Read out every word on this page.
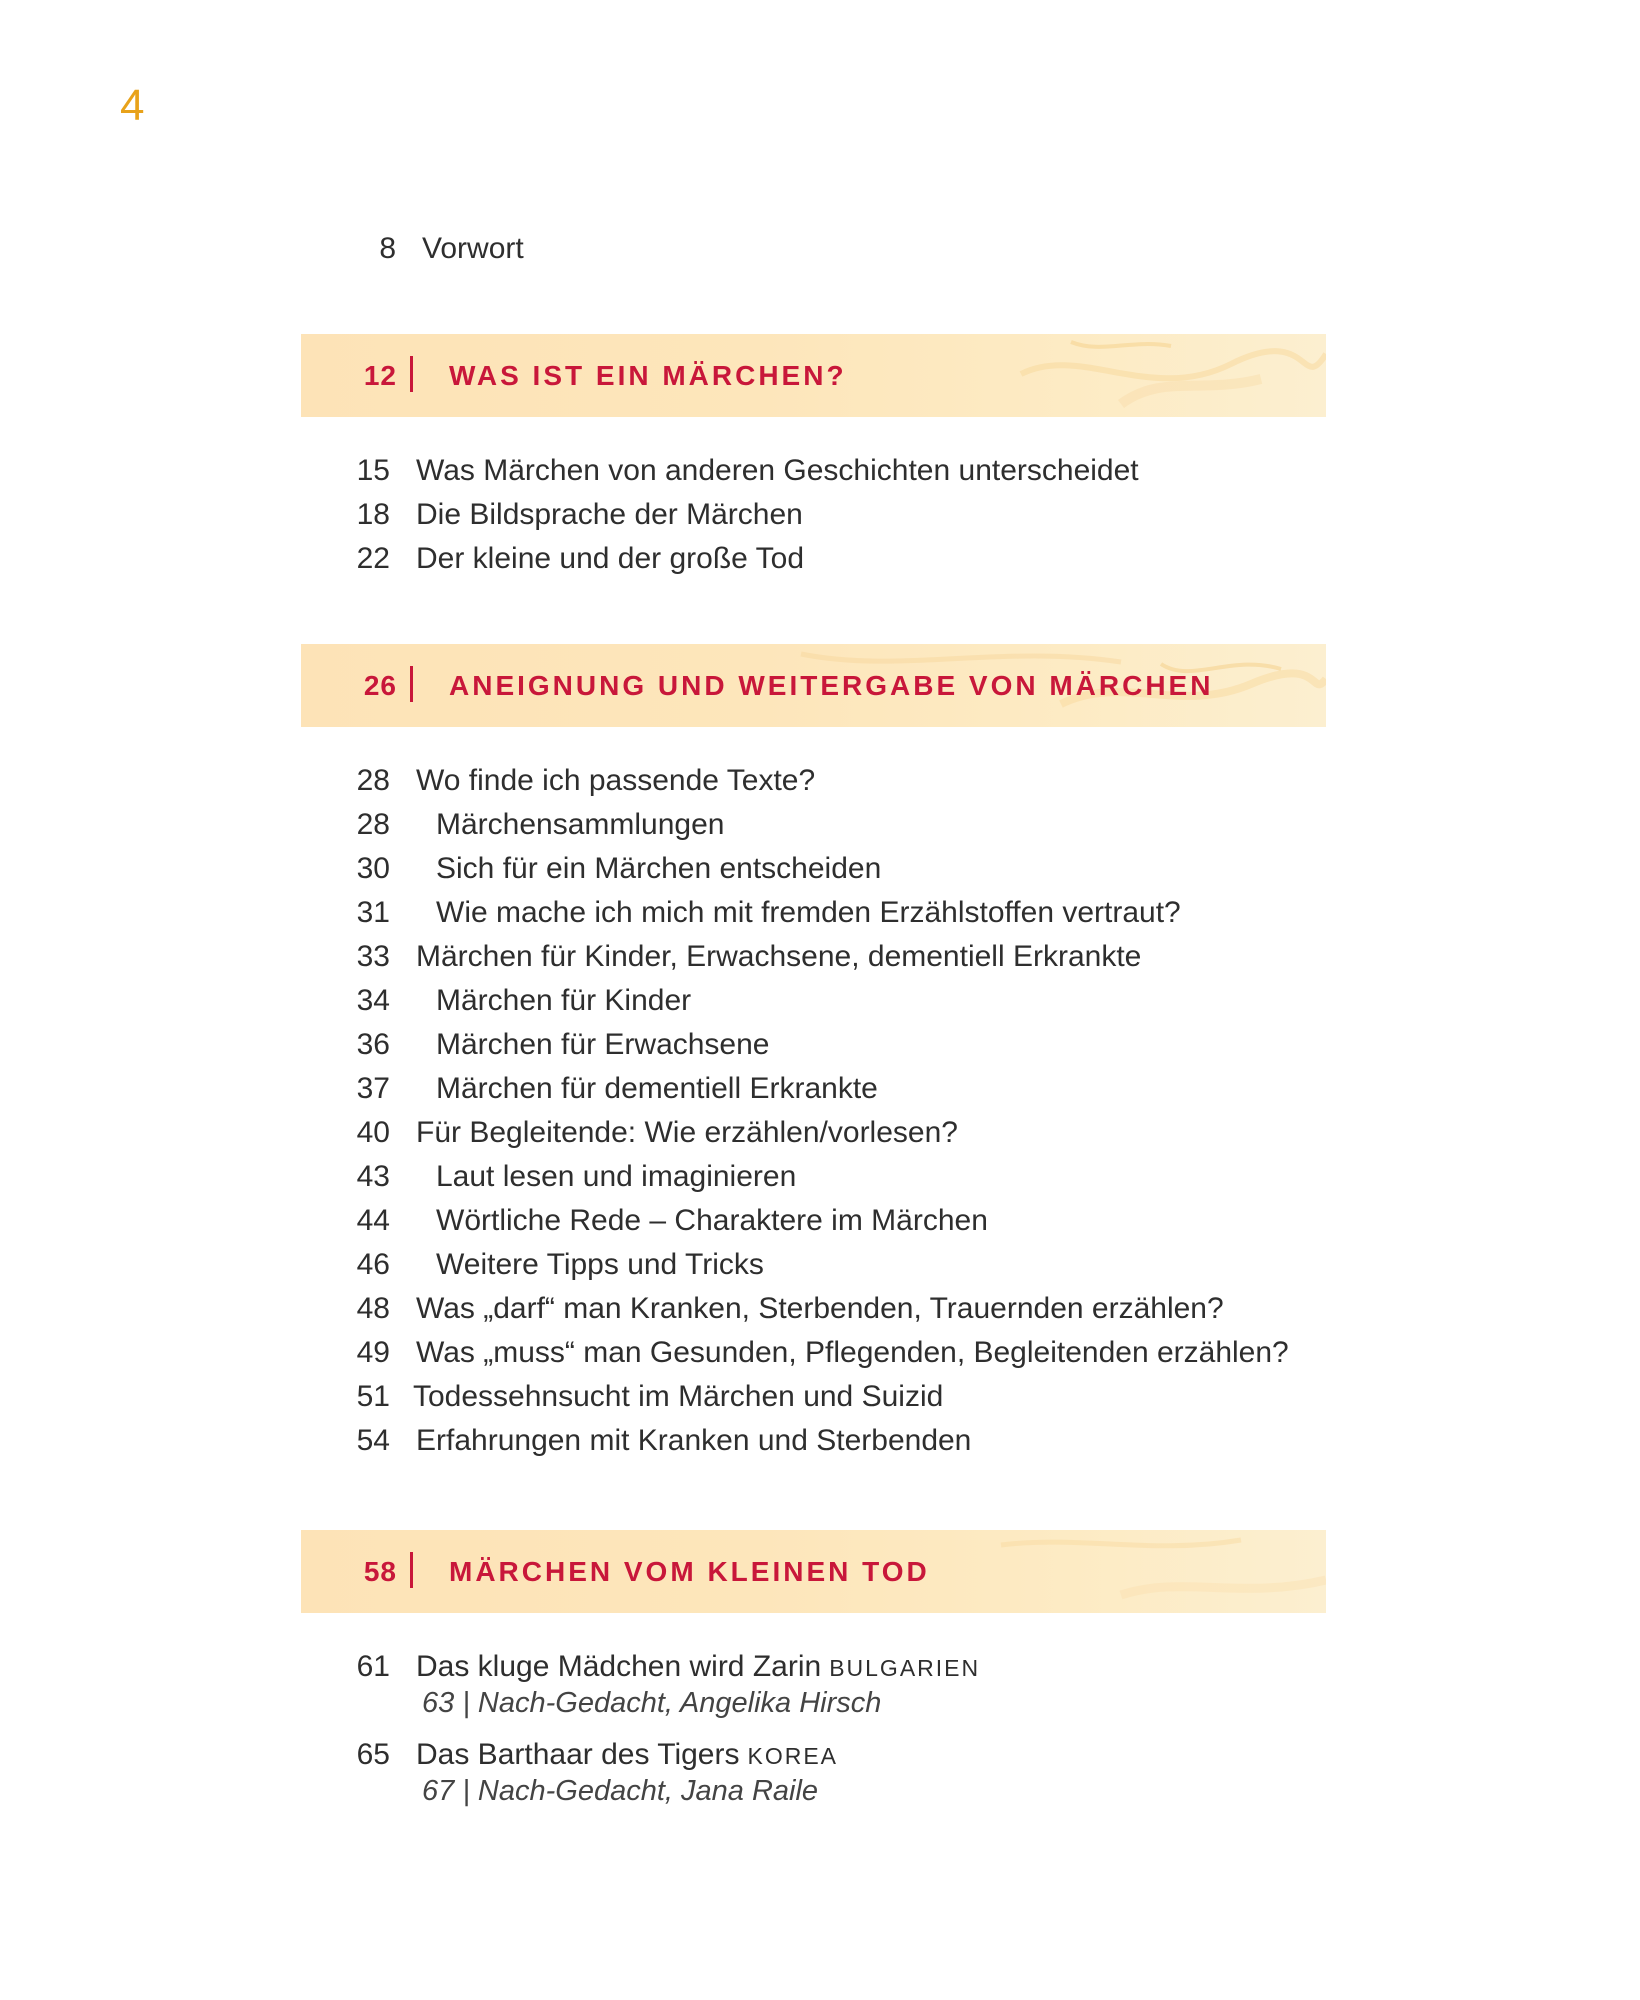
4
8 Vorwort
12 WAS IST EIN MÄRCHEN?
15 Was Märchen von anderen Geschichten unterscheidet
18 Die Bildsprache der Märchen
22 Der kleine und der große Tod
26 ANEIGNUNG UND WEITERGABE VON MÄRCHEN
28 Wo finde ich passende Texte?
28 Märchensammlungen
30 Sich für ein Märchen entscheiden
31 Wie mache ich mich mit fremden Erzählstoffen vertraut?
33 Märchen für Kinder, Erwachsene, dementiell Erkrankte
34 Märchen für Kinder
36 Märchen für Erwachsene
37 Märchen für dementiell Erkrankte
40 Für Begleitende: Wie erzählen/vorlesen?
43 Laut lesen und imaginieren
44 Wörtliche Rede – Charaktere im Märchen
46 Weitere Tipps und Tricks
48 Was „darf“ man Kranken, Sterbenden, Trauernden erzählen?
49 Was „muss“ man Gesunden, Pflegenden, Begleitenden erzählen?
51 Todessehnsucht im Märchen und Suizid
54 Erfahrungen mit Kranken und Sterbenden
58 MÄRCHEN VOM KLEINEN TOD
61 Das kluge Mädchen wird Zarin BULGARIEN
63 | Nach-Gedacht, Angelika Hirsch
65 Das Barthaar des Tigers KOREA
67 | Nach-Gedacht, Jana Raile
